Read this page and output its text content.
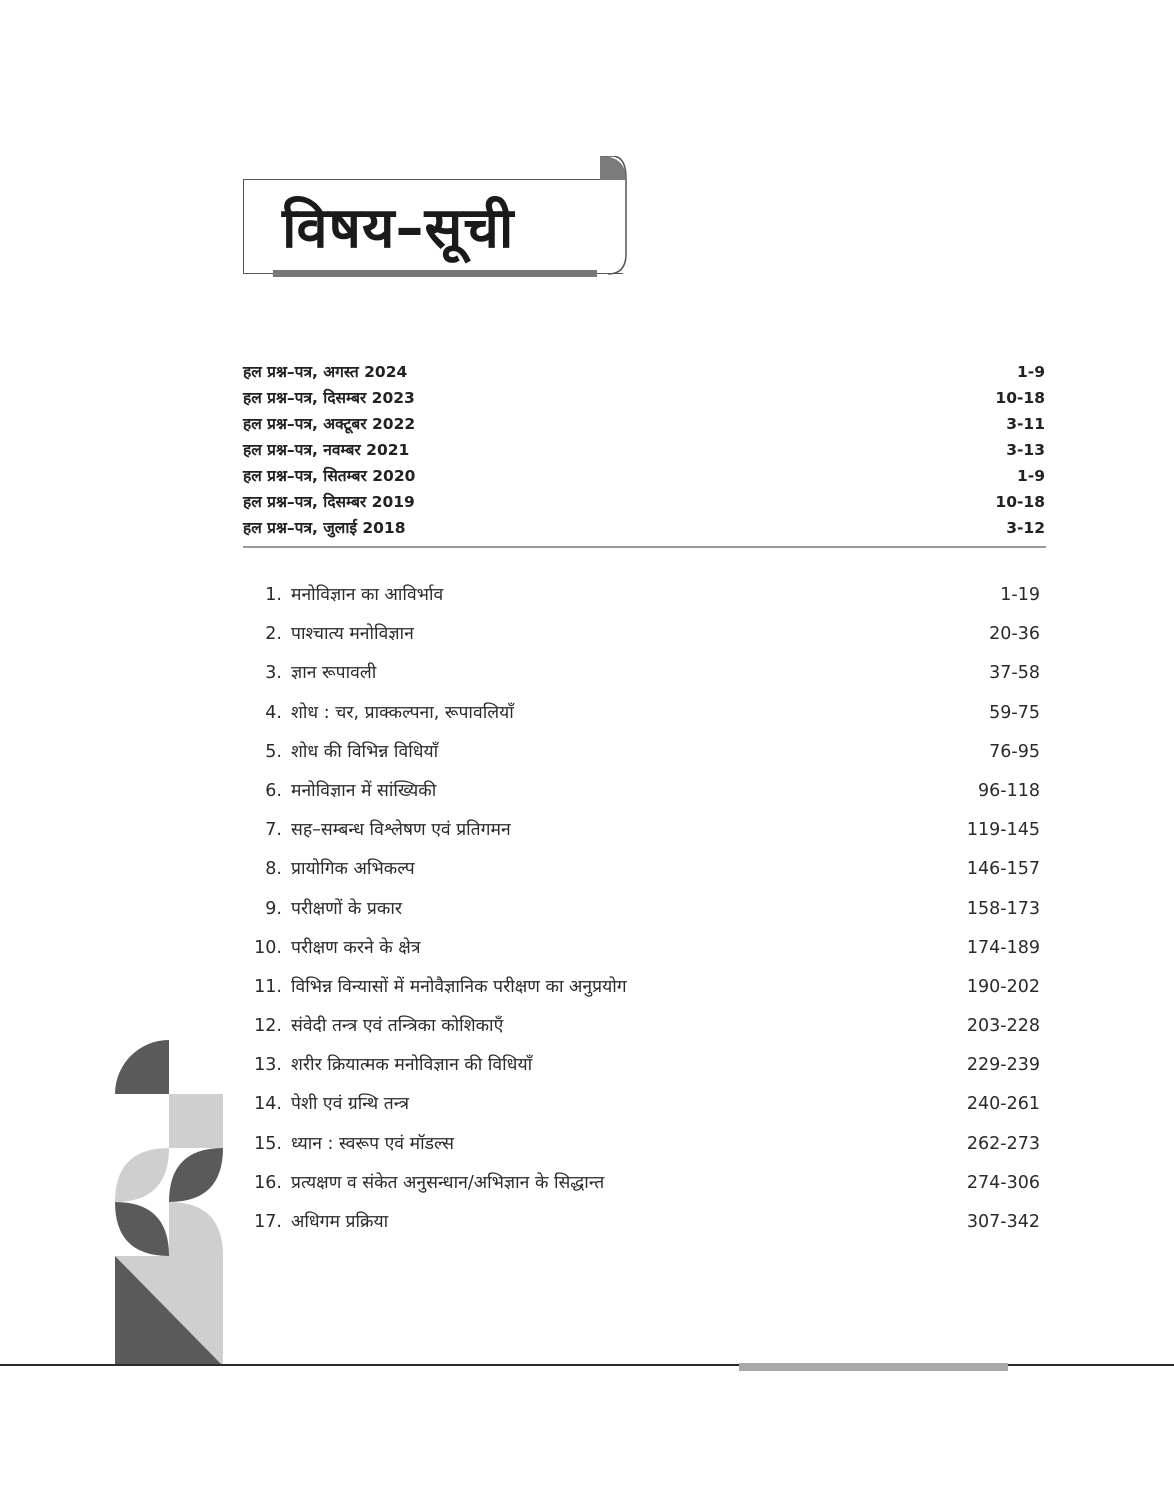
विषय–सूची
हल प्रश्न–पत्र, अगस्त 2024	1-9
हल प्रश्न–पत्र, दिसम्बर 2023	10-18
हल प्रश्न–पत्र, अक्टूबर 2022	3-11
हल प्रश्न–पत्र, नवम्बर 2021	3-13
हल प्रश्न–पत्र, सितम्बर 2020	1-9
हल प्रश्न–पत्र, दिसम्बर 2019	10-18
हल प्रश्न–पत्र, जुलाई 2018	3-12
1. मनोविज्ञान का आविर्भाव	1-19
2. पाश्चात्य मनोविज्ञान	20-36
3. ज्ञान रूपावली	37-58
4. शोध : चर, प्राक्कल्पना, रूपावलियाँ	59-75
5. शोध की विभिन्न विधियाँ	76-95
6. मनोविज्ञान में सांख्यिकी	96-118
7. सह–सम्बन्ध विश्लेषण एवं प्रतिगमन	119-145
8. प्रायोगिक अभिकल्प	146-157
9. परीक्षणों के प्रकार	158-173
10. परीक्षण करने के क्षेत्र	174-189
11. विभिन्न विन्यासों में मनोवैज्ञानिक परीक्षण का अनुप्रयोग	190-202
12. संवेदी तन्त्र एवं तन्त्रिका कोशिकाएँ	203-228
13. शरीर क्रियात्मक मनोविज्ञान की विधियाँ	229-239
14. पेशी एवं ग्रन्थि तन्त्र	240-261
15. ध्यान : स्वरूप एवं मॉडल्स	262-273
16. प्रत्यक्षण व संकेत अनुसन्धान/अभिज्ञान के सिद्धान्त	274-306
17. अधिगम प्रक्रिया	307-342
